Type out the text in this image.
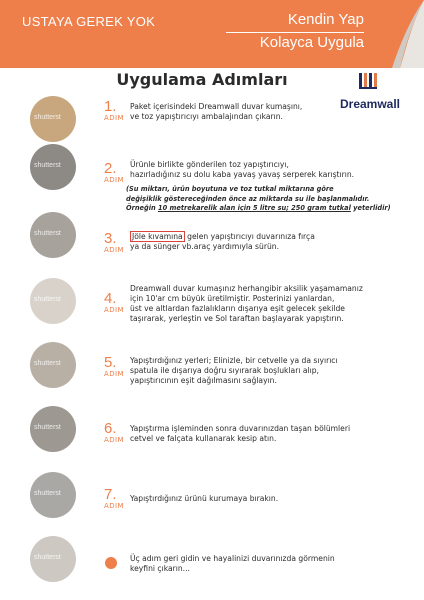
USTAYA GEREK YOK	Kendin Yap
Kolayca Uygula
Uygulama Adımları
Dreamwall
shutterst
1.
ADIM

Paket içerisindeki Dreamwall duvar kumaşını,

ve toz yapıştırıcıyı ambalajından çıkarın.

shutterst	2.
ADIM

Ürünle birlikte gönderilen toz yapıştırıcıyı,

hazırladığınız su dolu kaba yavaş yavaş serperek karıştırın.

(Su miktarı, ürün boyutuna ve toz tutkal miktarına göre

değişiklik göstereceğinden önce az miktarda su ile başlanmalıdır.

Örneğin 10 metrekarelik alan için 5 litre su; 250 gram tutkal yeterlidir)

shutterst	3.
ADIM

Jöle kıvamına gelen yapıştırıcıyı duvarınıza fırça

ya da sünger vb.araç yardımıyla sürün.

shutterst	4.
ADIM

Dreamwall duvar kumaşınız herhangibir aksilik yaşamamanız

için 10'ar cm büyük üretilmiştir. Posterinizi yanlardan,

üst ve altlardan fazlalıkların dışarıya eşit gelecek şekilde

taşırarak, yerleştin ve Sol taraftan başlayarak yapıştırın.

shutterst	5.
ADIM

Yapıştırdığınız yerleri; Elinizle, bir cetvelle ya da sıyırıcı

spatula ile dışarıya doğru sıyırarak boşlukları alıp,

yapıştırıcının eşit dağılmasını sağlayın.

shutterst	6.
ADIM

Yapıştırma işleminden sonra duvarınızdan taşan bölümleri

cetvel ve falçata kullanarak kesip atın.

shutterst	7.
ADIM

Yapıştırdığınız ürünü kurumaya bırakın.

shutterst	Üç adım geri gidin ve hayalinizi duvarınızda görmenin

keyfini çıkarın...
